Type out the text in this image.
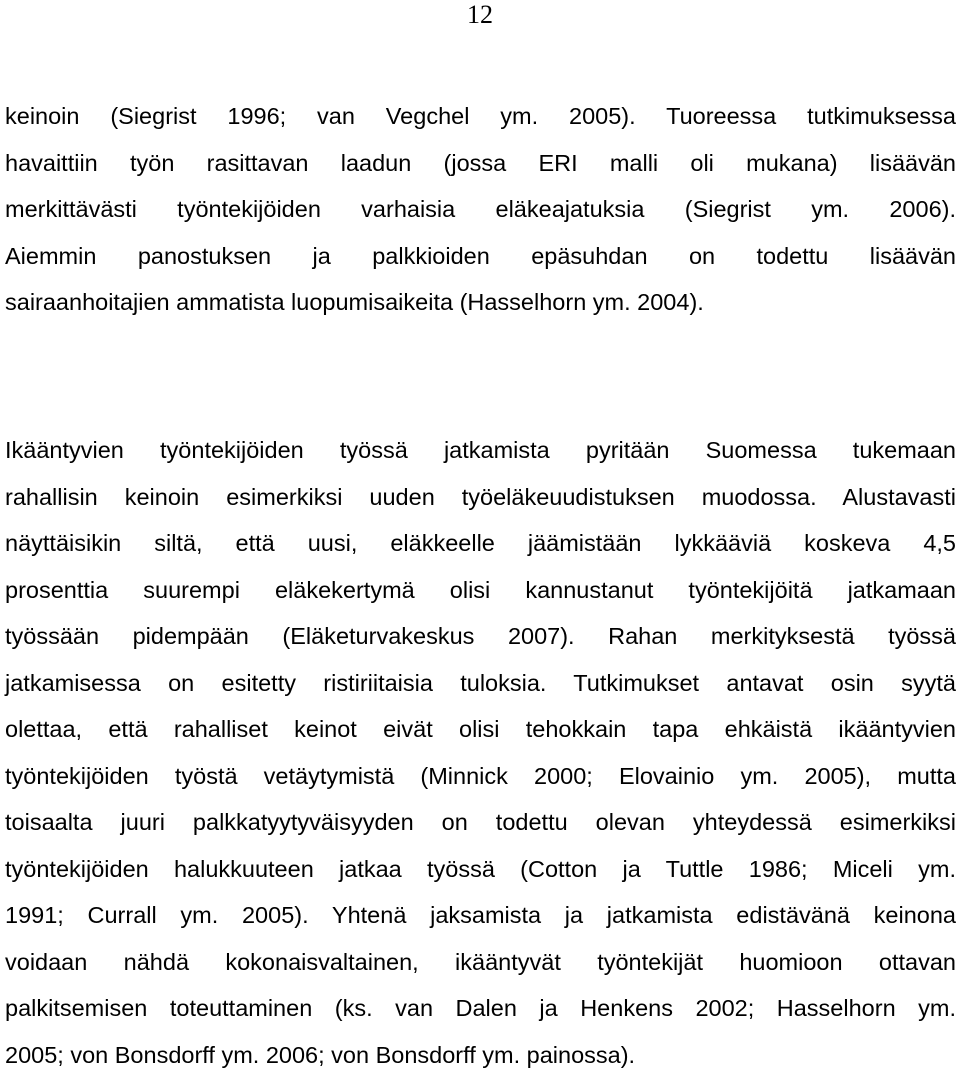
12
keinoin (Siegrist 1996; van Vegchel ym. 2005). Tuoreessa tutkimuksessa
havaittiin työn rasittavan laadun (jossa ERI malli oli mukana) lisäävän
merkittävästi työntekijöiden varhaisia eläkeajatuksia (Siegrist ym. 2006).
Aiemmin panostuksen ja palkkioiden epäsuhdan on todettu lisäävän
sairaanhoitajien ammatista luopumisaikeita (Hasselhorn ym. 2004).
Ikääntyvien työntekijöiden työssä jatkamista pyritään Suomessa tukemaan
rahallisin keinoin esimerkiksi uuden työeläkeuudistuksen muodossa. Alustavasti
näyttäisikin siltä, että uusi, eläkkeelle jäämistään lykkääviä koskeva 4,5
prosenttia suurempi eläkekertymä olisi kannustanut työntekijöitä jatkamaan
työssään pidempään (Eläketurvakeskus 2007). Rahan merkityksestä työssä
jatkamisessa on esitetty ristiriitaisia tuloksia. Tutkimukset antavat osin syytä
olettaa, että rahalliset keinot eivät olisi tehokkain tapa ehkäistä ikääntyvien
työntekijöiden työstä vetäytymistä (Minnick 2000; Elovainio ym. 2005), mutta
toisaalta juuri palkkatyytyväisyyden on todettu olevan yhteydessä esimerkiksi
työntekijöiden halukkuuteen jatkaa työssä (Cotton ja Tuttle 1986; Miceli ym.
1991; Currall ym. 2005). Yhtenä jaksamista ja jatkamista edistävänä keinona
voidaan nähdä kokonaisvaltainen, ikääntyvät työntekijät huomioon ottavan
palkitsemisen toteuttaminen (ks. van Dalen ja Henkens 2002; Hasselhorn ym.
2005; von Bonsdorff ym. 2006; von Bonsdorff ym. painossa).
